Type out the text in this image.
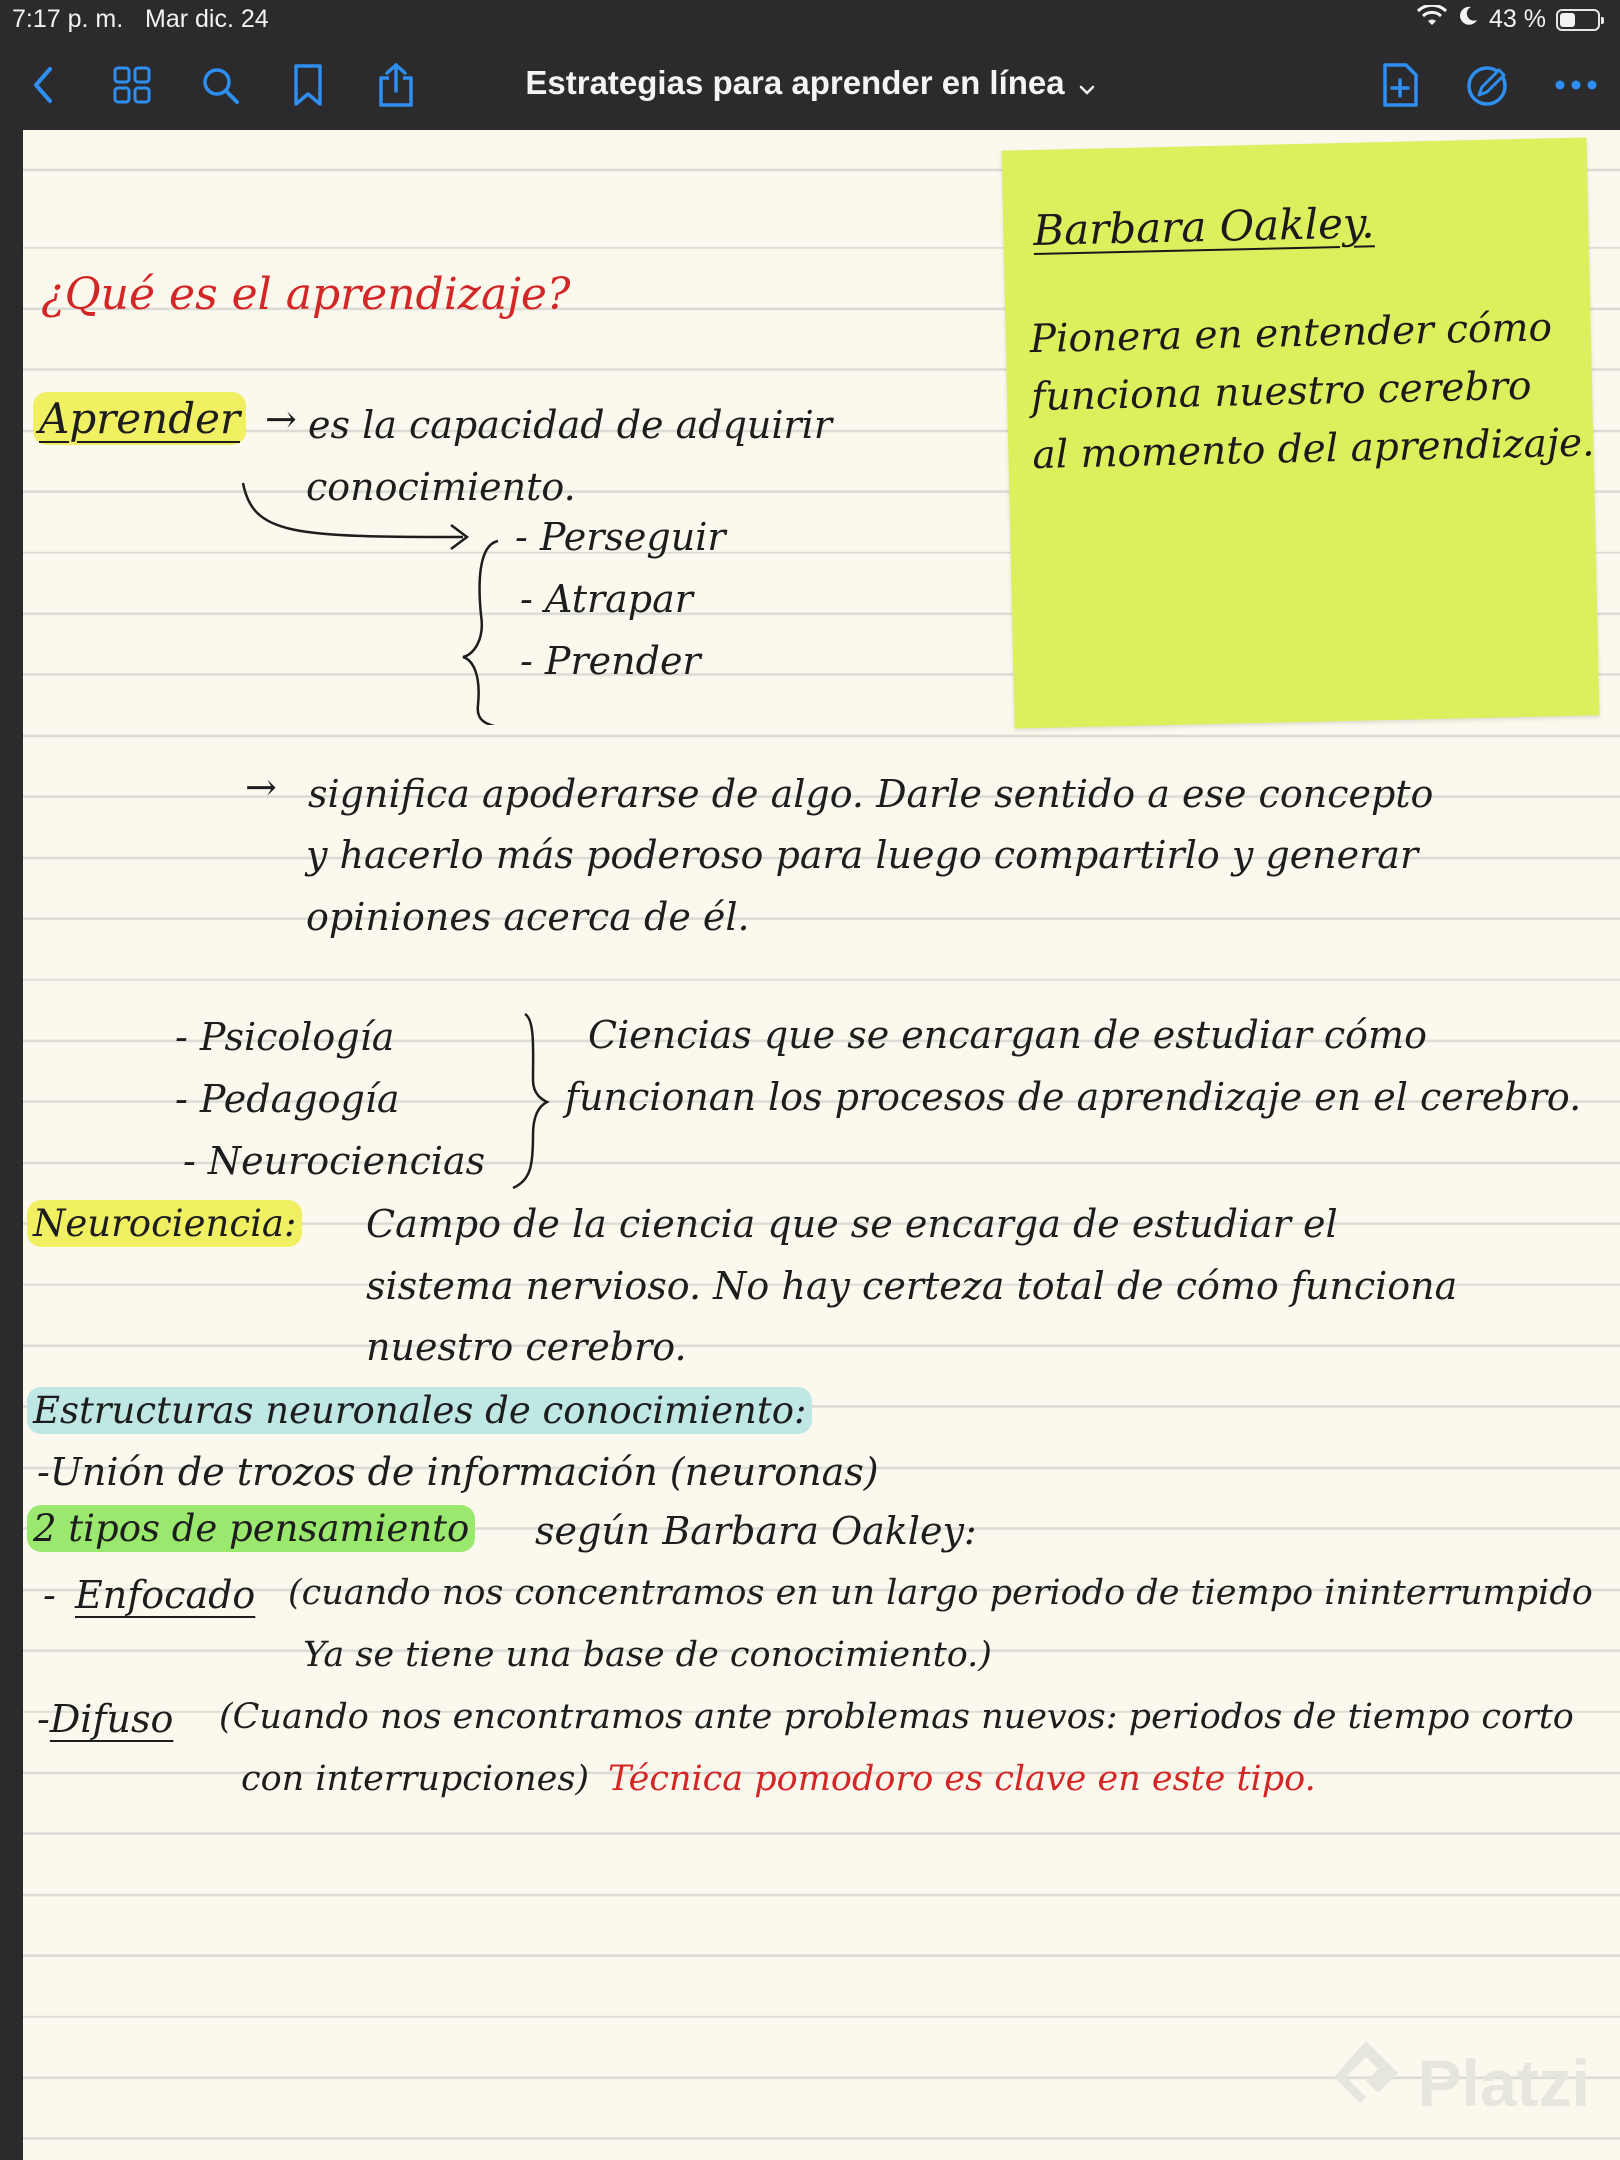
7:17 p. m. Mar dic. 24	43 %
Estrategias para aprender en línea
¿Qué es el aprendizaje?
Aprender → es la capacidad de adquirir
conocimiento.
- Perseguir
- Atrapar
- Prender
→ significa apoderarse de algo. Darle sentido a ese concepto
y hacerlo más poderoso para luego compartirlo y generar
opiniones acerca de él.
- Psicología
- Pedagogía
- Neurociencias
Ciencias que se encargan de estudiar cómo
funcionan los procesos de aprendizaje en el cerebro.
Neurociencia: Campo de la ciencia que se encarga de estudiar el
sistema nervioso. No hay certeza total de cómo funciona
nuestro cerebro.
Estructuras neuronales de conocimiento:
-Unión de trozos de información (neuronas)
2 tipos de pensamiento según Barbara Oakley:
- Enfocado (cuando nos concentramos en un largo periodo de tiempo ininterrumpido
Ya se tiene una base de conocimiento.)
-Difuso (Cuando nos encontramos ante problemas nuevos: periodos de tiempo corto
con interrupciones) Técnica pomodoro es clave en este tipo.
Barbara Oakley.
Pionera en entender cómo
funciona nuestro cerebro
al momento del aprendizaje.
Platzi
